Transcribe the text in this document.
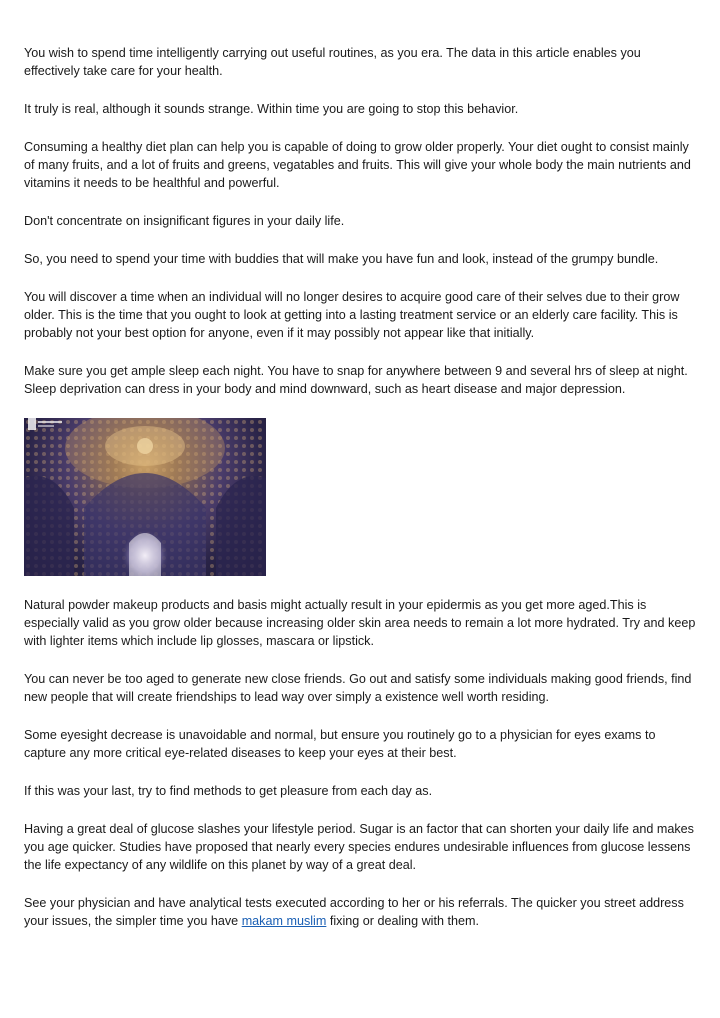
You wish to spend time intelligently carrying out useful routines, as you era. The data in this article enables you effectively take care for your health.

It truly is real, although it sounds strange. Within time you are going to stop this behavior.

Consuming a healthy diet plan can help you is capable of doing to grow older properly. Your diet ought to consist mainly of many fruits, and a lot of fruits and greens, vegatables and fruits. This will give your whole body the main nutrients and vitamins it needs to be healthful and powerful.

Don't concentrate on insignificant figures in your daily life.

So, you need to spend your time with buddies that will make you have fun and look, instead of the grumpy bundle.

You will discover a time when an individual will no longer desires to acquire good care of their selves due to their grow older. This is the time that you ought to look at getting into a lasting treatment service or an elderly care facility. This is probably not your best option for anyone, even if it may possibly not appear like that initially.

Make sure you get ample sleep each night. You have to snap for anywhere between 9 and several hrs of sleep at night. Sleep deprivation can dress in your body and mind downward, such as heart disease and major depression.

Natural powder makeup products and basis might actually result in your epidermis as you get more aged.This is especially valid as you grow older because increasing older skin area needs to remain a lot more hydrated. Try and keep with lighter items which include lip glosses, mascara or lipstick.

You can never be too aged to generate new close friends. Go out and satisfy some individuals making good friends, find new people that will create friendships to lead way over simply a existence well worth residing.

Some eyesight decrease is unavoidable and normal, but ensure you routinely go to a physician for eyes exams to capture any more critical eye-related diseases to keep your eyes at their best.

If this was your last, try to find methods to get pleasure from each day as.

Having a great deal of glucose slashes your lifestyle period. Sugar is an factor that can shorten your daily life and makes you age quicker. Studies have proposed that nearly every species endures undesirable influences from glucose lessens the life expectancy of any wildlife on this planet by way of a great deal.

See your physician and have analytical tests executed according to her or his referrals. The quicker you street address your issues, the simpler time you have makam muslim fixing or dealing with them.
